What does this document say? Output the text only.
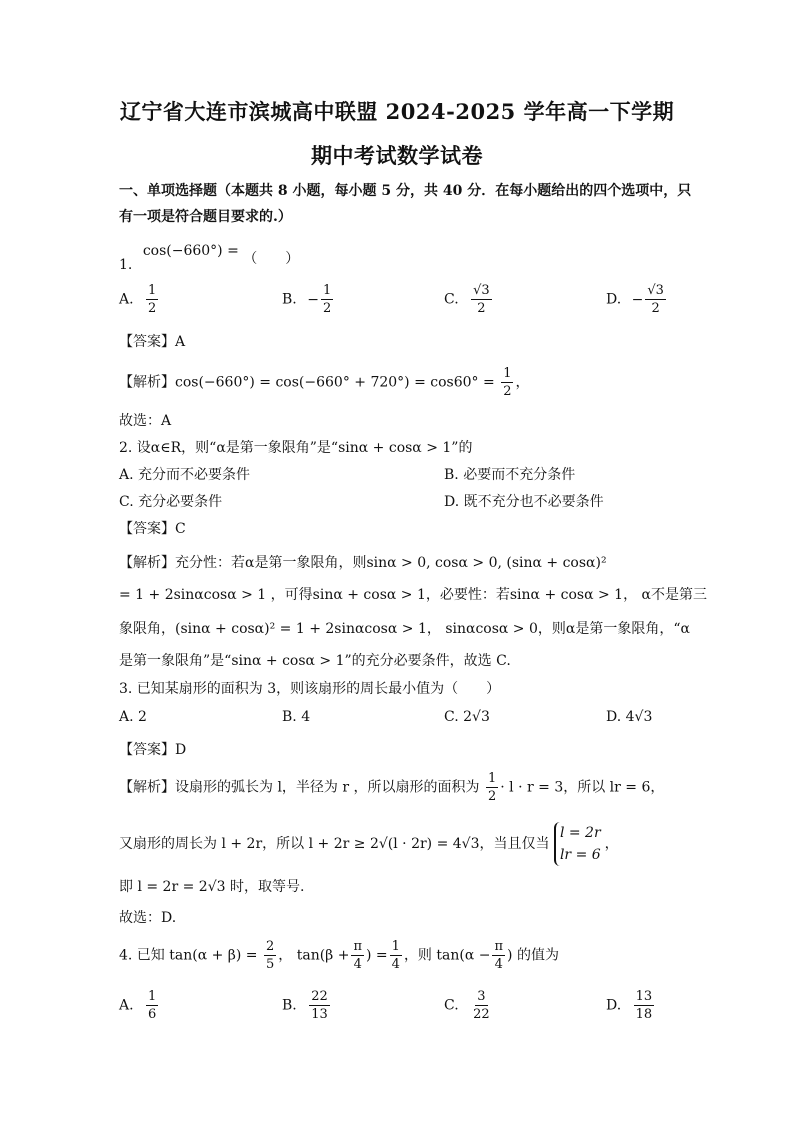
辽宁省大连市滨城高中联盟 2024-2025 学年高一下学期
期中考试数学试卷
一、单项选择题（本题共 8 小题，每小题 5 分，共 40 分．在每小题给出的四个选项中，只
有一项是符合题目要求的.）
1. cos(−660°) = （　　）
A. $\frac{1}{2}$	B. − $\frac{1}{2}$	C. $\frac{√3}{2}$	D. − $\frac{√3}{2}$
【答案】A
【解析】$\cos(-660^\circ) = \cos(-660^\circ + 720^\circ) = \cos 60^\circ = \frac{1}{2}$ ，
故选：A
2. 设α∈R，则“α是第一象限角”是“sinα + cosα > 1”的
A. 充分而不必要条件	B. 必要而不充分条件
C. 充分必要条件	D. 既不充分也不必要条件
【答案】C
【解析】充分性：若α是第一象限角，则sinα > 0, cosα > 0, (sinα + cosα)²
= 1 + 2sinαcosα > 1 ，可得sinα + cosα > 1，必要性：若sinα + cosα > 1， α不是第三
象限角，(sinα + cosα)² = 1 + 2sinαcosα > 1， sinαcosα > 0，则α是第一象限角，“α
是第一象限角”是“sinα + cosα > 1”的充分必要条件，故选 C.
3. 已知某扇形的面积为 3，则该扇形的周长最小值为（　　）
A. 2	B. 4	C. 2√3	D. 4√3
【答案】D
【解析】设扇形的弧长为 l，半径为 r ，所以扇形的面积为 $\frac{1}{2} \cdot l \cdot r = 3$，所以 lr = 6，
又扇形的周长为 l + 2r，所以 l + 2r ≥ 2√(l · 2r) = 4√3，当且仅当
l = 2r
lr = 6
，
即 l = 2r = 2√3 时，取等号.
故选：D.
4. 已知 $\tan(\alpha + \beta) = \frac{2}{5}$ ， $\tan(\beta + \frac{\pi}{4}$ ) = $\frac{1}{4}$ ，则 $\tan(\alpha - \frac{\pi}{4}$ ) 的值为
A. $\frac{1}{6}$	B. $\frac{22}{13}$	C. $\frac{3}{22}$	D. $\frac{13}{18}$
